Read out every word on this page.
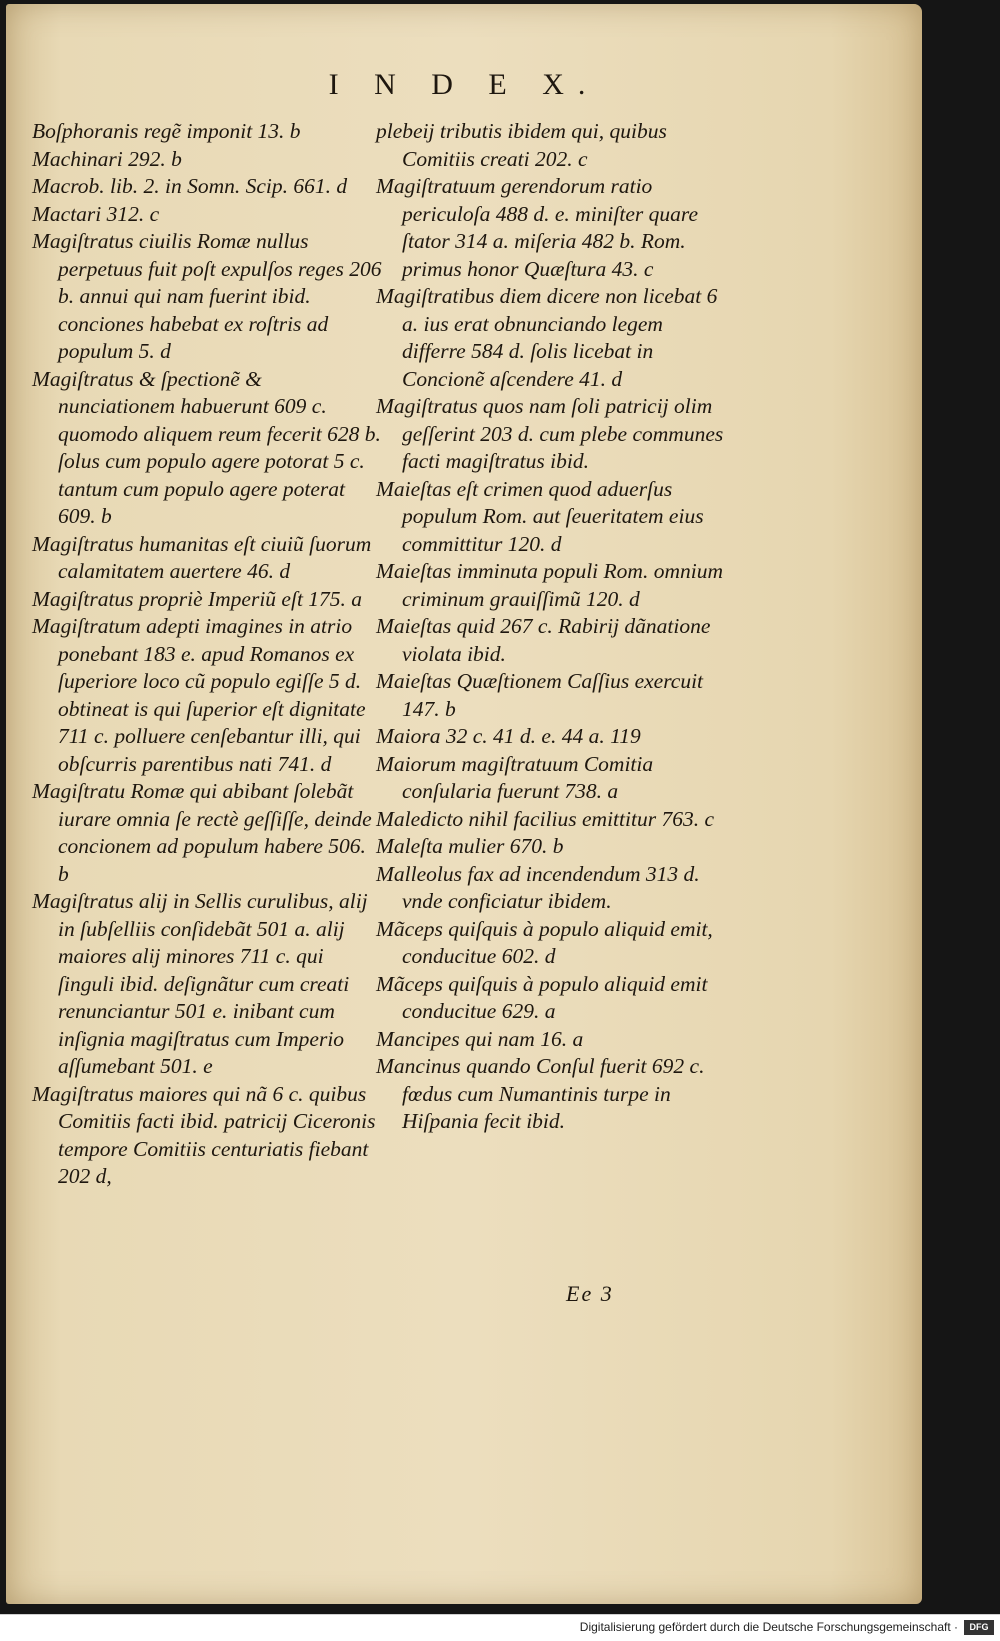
I N D E X.

Boſphoranis regẽ imponit 13. b

Machinari 292. b

Macrob. lib. 2. in Somn. Scip. 661. d

Mactari 312. c

Magiſtratus ciuilis Romæ nullus perpetuus fuit poſt expulſos reges 206 b. annui qui nam fuerint ibid. conciones habebat ex roſtris ad populum 5. d

Magiſtratus & ſpectionẽ & nunciationem habuerunt 609 c. quomodo aliquem reum fecerit 628 b. ſolus cum populo agere potorat 5 c. tantum cum populo agere poterat 609. b

Magiſtratus humanitas eſt ciuiũ ſuorum calamitatem auertere 46. d

Magiſtratus propriè Imperiũ eſt 175. a

Magiſtratum adepti imagines in atrio ponebant 183 e. apud Romanos ex ſuperiore loco cũ populo egiſſe 5 d. obtineat is qui ſuperior eſt dignitate 711 c. polluere cenſebantur illi, qui obſcurris parentibus nati 741. d

Magiſtratu Romæ qui abibant ſolebãt iurare omnia ſe rectè geſſiſſe, deinde concionem ad populum habere 506. b

Magiſtratus alij in Sellis curulibus, alij in ſubſelliis conſidebãt 501 a. alij maiores alij minores 711 c. qui ſinguli ibid. deſignãtur cum creati renunciantur 501 e. inibant cum inſignia magiſtratus cum Imperio aſſumebant 501. e

Magiſtratus maiores qui nã 6 c. quibus Comitiis facti ibid. patricij Ciceronis tempore Comitiis centuriatis fiebant 202 d,

plebeij tributis ibidem qui, quibus Comitiis creati 202. c

Magiſtratuum gerendorum ratio periculoſa 488 d. e. miniſter quare ſtator 314 a. miſeria 482 b. Rom. primus honor Quæſtura 43. c

Magiſtratibus diem dicere non licebat 6 a. ius erat obnunciando legem differre 584 d. ſolis licebat in Concionẽ aſcendere 41. d

Magiſtratus quos nam ſoli patricij olim geſſerint 203 d. cum plebe communes facti magiſtratus ibid.

Maieſtas eſt crimen quod aduerſus populum Rom. aut ſeueritatem eius committitur 120. d

Maieſtas imminuta populi Rom. omnium criminum grauiſſimũ 120. d

Maieſtas quid 267 c. Rabirij dãnatione violata ibid.

Maieſtas Quæſtionem Caſſius exercuit 147. b

Maiora 32 c. 41 d. e. 44 a. 119

Maiorum magiſtratuum Comitia conſularia fuerunt 738. a

Maledicto nihil facilius emittitur 763. c

Maleſta mulier 670. b

Malleolus fax ad incendendum 313 d. vnde conficiatur ibidem.

Mãceps quiſquis à populo aliquid emit, conducitue 602. d

Mãceps quiſquis à populo aliquid emit conducitue 629. a

Mancipes qui nam 16. a

Mancinus quando Conſul fuerit 692 c. fœdus cum Numantinis turpe in Hiſpania fecit ibid.

Ee 3
Digitalisierung gefördert durch die Deutsche Forschungsgemeinschaft ·	DFG
